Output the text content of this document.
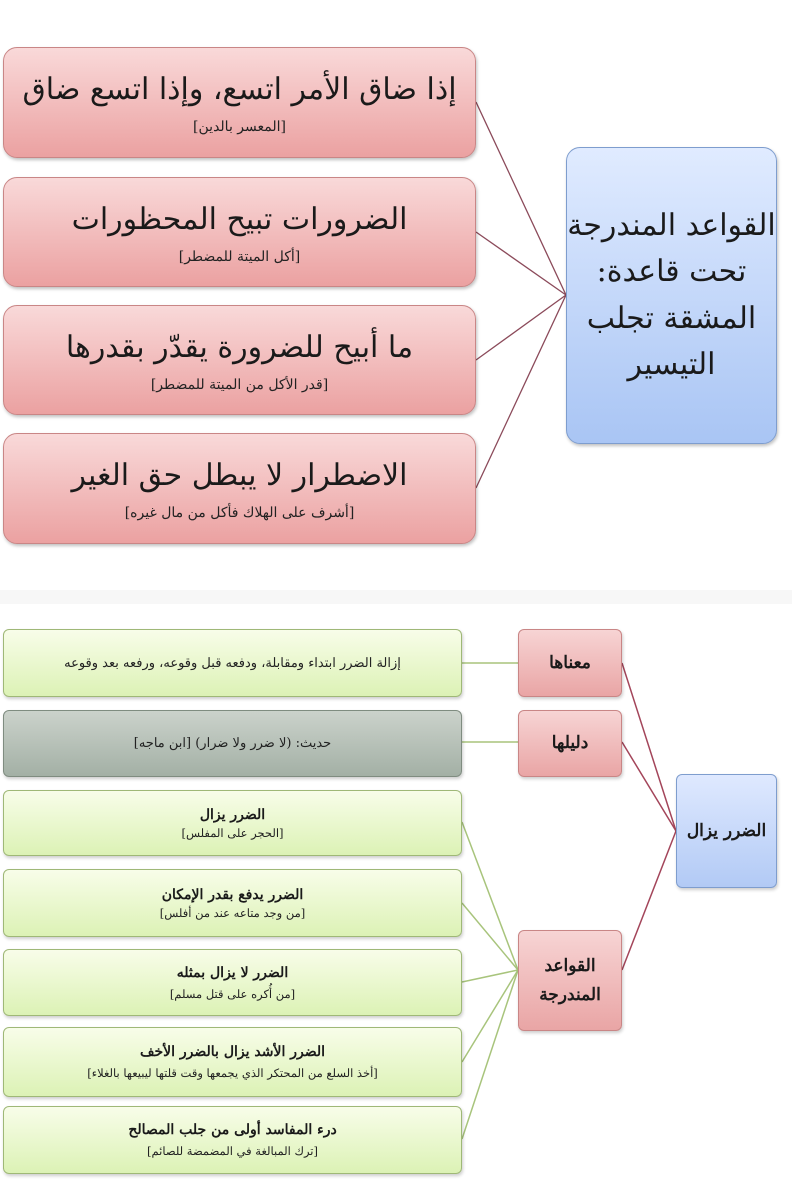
إذا ضاق الأمر اتسع، وإذا اتسع ضاق
[المعسر بالدين]
الضرورات تبيح المحظورات
[أكل الميتة للمضطر]
ما أبيح للضرورة يقدّر بقدرها
[قدر الأكل من الميتة للمضطر]
الاضطرار لا يبطل حق الغير
[أشرف على الهلاك فأكل من مال غيره]
القواعد المندرجة
تحت قاعدة:
المشقة تجلب
التيسير
إزالة الضرر ابتداء ومقابلة، ودفعه قبل وقوعه، ورفعه بعد وقوعه
حديث: (لا ضرر ولا ضرار) [ابن ماجه]
الضرر يزال
[الحجر على المفلس]
الضرر يدفع بقدر الإمكان
[من وجد متاعه عند من أفلس]
الضرر لا يزال بمثله
[من أُكره على قتل مسلم]
الضرر الأشد يزال بالضرر الأخف
[أخذ السلع من المحتكر الذي يجمعها وقت قلتها ليبيعها بالغلاء]
درء المفاسد أولى من جلب المصالح
[ترك المبالغة في المضمضة للصائم]
معناها
دليلها
القواعد
المندرجة
الضرر يزال
